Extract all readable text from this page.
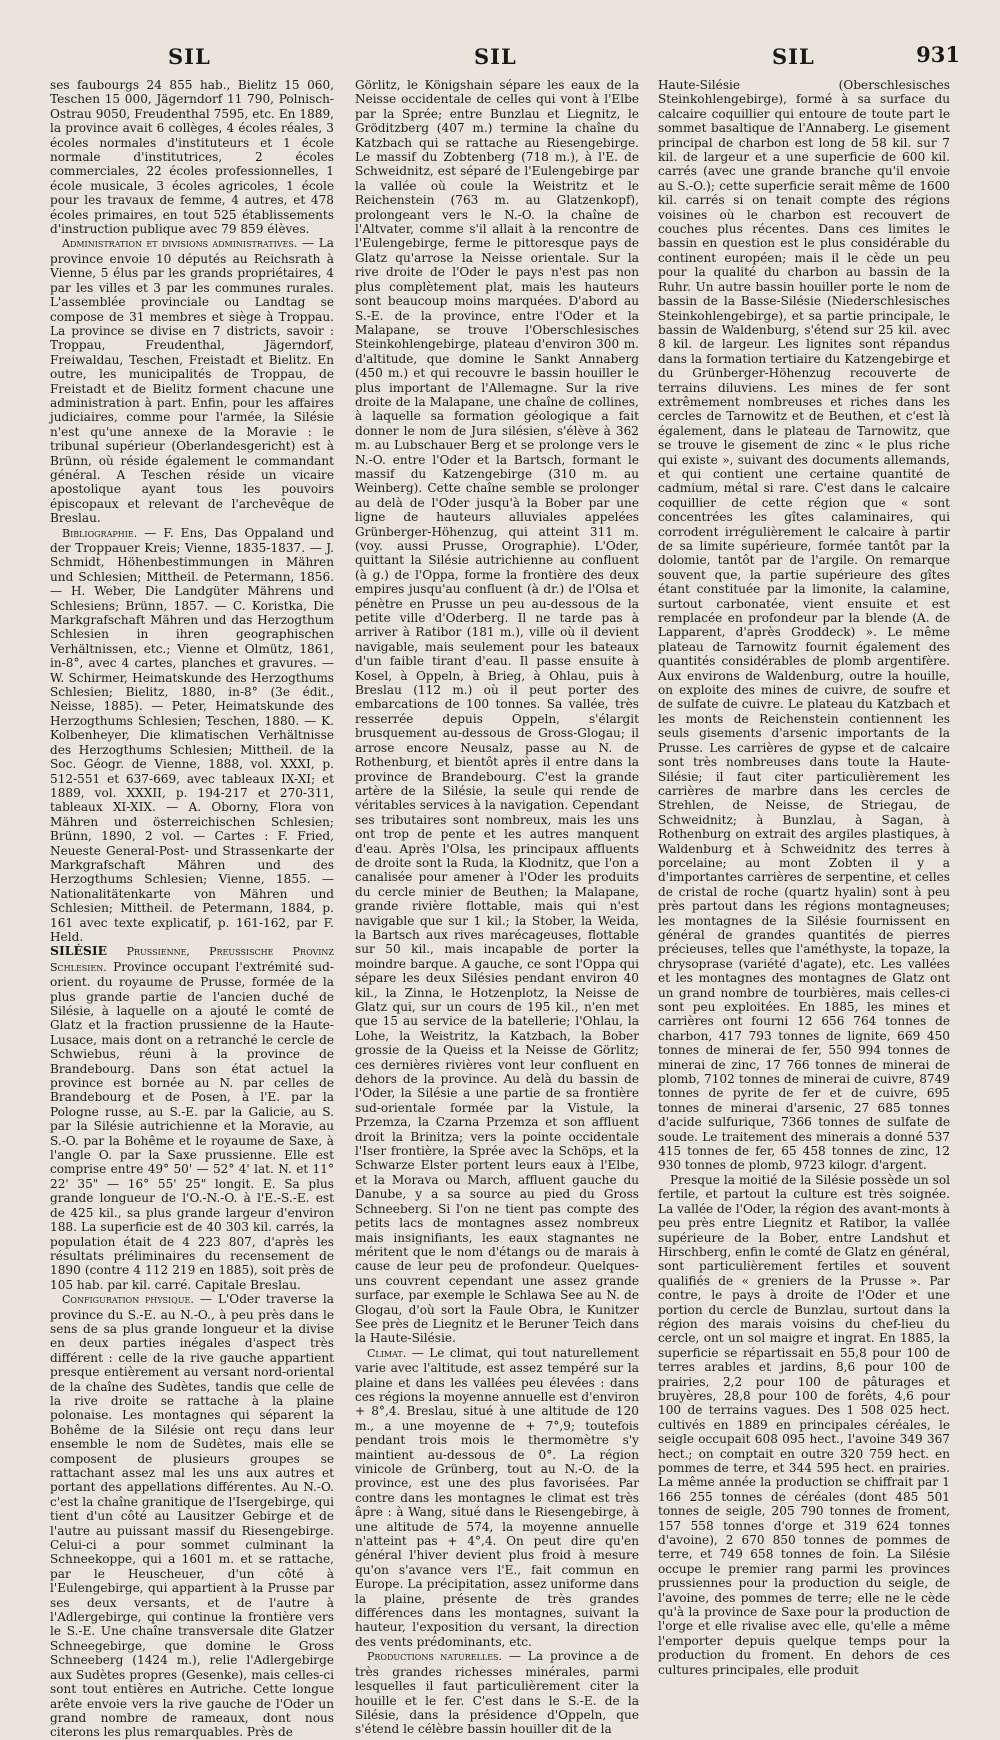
SIL	SIL	SIL	931

ses faubourgs 24 855 hab., Bielitz 15 060, Teschen 15 000, Jägerndorf 11 790, Polnisch-Ostrau 9050, Freudenthal 7595, etc. En 1889, la province avait 6 collèges, 4 écoles réales, 3 écoles normales d'instituteurs et 1 école normale d'institutrices, 2 écoles commerciales, 22 écoles professionnelles, 1 école musicale, 3 écoles agricoles, 1 école pour les travaux de femme, 4 autres, et 478 écoles primaires, en tout 525 établissements d'instruction publique avec 79 859 élèves.

Administration et divisions administratives. — La province envoie 10 députés au Reichsrath à Vienne, 5 élus par les grands propriétaires, 4 par les villes et 3 par les communes rurales. L'assemblée provinciale ou Landtag se compose de 31 membres et siège à Troppau. La province se divise en 7 districts, savoir : Troppau, Freudenthal, Jägerndorf, Freiwaldau, Teschen, Freistadt et Bielitz. En outre, les municipalités de Troppau, de Freistadt et de Bielitz forment chacune une administration à part. Enfin, pour les affaires judiciaires, comme pour l'armée, la Silésie n'est qu'une annexe de la Moravie : le tribunal supérieur (Oberlandesgericht) est à Brünn, où réside également le commandant général. A Teschen réside un vicaire apostolique ayant tous les pouvoirs épiscopaux et relevant de l'archevêque de Breslau.

Bibliographie. — F. Ens, Das Oppaland und der Troppauer Kreis; Vienne, 1835-1837. — J. Schmidt, Höhenbestimmungen in Mähren und Schlesien; Mittheil. de Petermann, 1856. — H. Weber, Die Landgüter Mährens und Schlesiens; Brünn, 1857. — C. Koristka, Die Markgrafschaft Mähren und das Herzogthum Schlesien in ihren geographischen Verhältnissen, etc.; Vienne et Olmütz, 1861, in-8°, avec 4 cartes, planches et gravures. — W. Schirmer, Heimatskunde des Herzogthums Schlesien; Bielitz, 1880, in-8° (3e édit., Neisse, 1885). — Peter, Heimatskunde des Herzogthums Schlesien; Teschen, 1880. — K. Kolbenheyer, Die klimatischen Verhältnisse des Herzogthums Schlesien; Mittheil. de la Soc. Géogr. de Vienne, 1888, vol. XXXI, p. 512-551 et 637-669, avec tableaux IX-XI; et 1889, vol. XXXII, p. 194-217 et 270-311, tableaux XI-XIX. — A. Oborny, Flora von Mähren und österreichischen Schlesien; Brünn, 1890, 2 vol. — Cartes : F. Fried, Neueste General-Post- und Strassenkarte der Markgrafschaft Mähren und des Herzogthums Schlesien; Vienne, 1855. — Nationalitätenkarte von Mähren und Schlesien; Mittheil. de Petermann, 1884, p. 161 avec texte explicatif, p. 161-162, par F. Held.

SILÉSIE Prussienne, Preussische Provinz Schlesien. Province occupant l'extrémité sud-orient. du royaume de Prusse, formée de la plus grande partie de l'ancien duché de Silésie, à laquelle on a ajouté le comté de Glatz et la fraction prussienne de la Haute-Lusace, mais dont on a retranché le cercle de Schwiebus, réuni à la province de Brandebourg. Dans son état actuel la province est bornée au N. par celles de Brandebourg et de Posen, à l'E. par la Pologne russe, au S.-E. par la Galicie, au S. par la Silésie autrichienne et la Moravie, au S.-O. par la Bohême et le royaume de Saxe, à l'angle O. par la Saxe prussienne. Elle est comprise entre 49° 50' — 52° 4' lat. N. et 11° 22' 35" — 16° 55' 25" longit. E. Sa plus grande longueur de l'O.-N.-O. à l'E.-S.-E. est de 425 kil., sa plus grande largeur d'environ 188. La superficie est de 40 303 kil. carrés, la population était de 4 223 807, d'après les résultats préliminaires du recensement de 1890 (contre 4 112 219 en 1885), soit près de 105 hab. par kil. carré. Capitale Breslau.

Configuration physique. — L'Oder traverse la province du S.-E. au N.-O., à peu près dans le sens de sa plus grande longueur et la divise en deux parties inégales d'aspect très différent : celle de la rive gauche appartient presque entièrement au versant nord-oriental de la chaîne des Sudètes, tandis que celle de la rive droite se rattache à la plaine polonaise. Les montagnes qui séparent la Bohême de la Silésie ont reçu dans leur ensemble le nom de Sudètes, mais elle se composent de plusieurs groupes se rattachant assez mal les uns aux autres et portant des appellations différentes. Au N.-O. c'est la chaîne granitique de l'Isergebirge, qui tient d'un côté au Lausitzer Gebirge et de l'autre au puissant massif du Riesengebirge. Celui-ci a pour sommet culminant la Schneekoppe, qui a 1601 m. et se rattache, par le Heuscheuer, d'un côté à l'Eulengebirge, qui appartient à la Prusse par ses deux versants, et de l'autre à l'Adlergebirge, qui continue la frontière vers le S.-E. Une chaîne transversale dite Glatzer Schneegebirge, que domine le Gross Schneeberg (1424 m.), relie l'Adlergebirge aux Sudètes propres (Gesenke), mais celles-ci sont tout entières en Autriche. Cette longue arête envoie vers la rive gauche de l'Oder un grand nombre de rameaux, dont nous citerons les plus remarquables. Près de

Görlitz, le Königshain sépare les eaux de la Neisse occidentale de celles qui vont à l'Elbe par la Sprée; entre Bunzlau et Liegnitz, le Gröditzberg (407 m.) termine la chaîne du Katzbach qui se rattache au Riesengebirge. Le massif du Zobtenberg (718 m.), à l'E. de Schweidnitz, est séparé de l'Eulengebirge par la vallée où coule la Weistritz et le Reichenstein (763 m. au Glatzenkopf), prolongeant vers le N.-O. la chaîne de l'Altvater, comme s'il allait à la rencontre de l'Eulengebirge, ferme le pittoresque pays de Glatz qu'arrose la Neisse orientale. Sur la rive droite de l'Oder le pays n'est pas non plus complètement plat, mais les hauteurs sont beaucoup moins marquées. D'abord au S.-E. de la province, entre l'Oder et la Malapane, se trouve l'Oberschlesisches Steinkohlengebirge, plateau d'environ 300 m. d'altitude, que domine le Sankt Annaberg (450 m.) et qui recouvre le bassin houiller le plus important de l'Allemagne. Sur la rive droite de la Malapane, une chaîne de collines, à laquelle sa formation géologique a fait donner le nom de Jura silésien, s'élève à 362 m. au Lubschauer Berg et se prolonge vers le N.-O. entre l'Oder et la Bartsch, formant le massif du Katzengebirge (310 m. au Weinberg). Cette chaîne semble se prolonger au delà de l'Oder jusqu'à la Bober par une ligne de hauteurs alluviales appelées Grünberger-Höhenzug, qui atteint 311 m. (voy. aussi Prusse, Orographie). L'Oder, quittant la Silésie autrichienne au confluent (à g.) de l'Oppa, forme la frontière des deux empires jusqu'au confluent (à dr.) de l'Olsa et pénètre en Prusse un peu au-dessous de la petite ville d'Oderberg. Il ne tarde pas à arriver à Ratibor (181 m.), ville où il devient navigable, mais seulement pour les bateaux d'un faible tirant d'eau. Il passe ensuite à Kosel, à Oppeln, à Brieg, à Ohlau, puis à Breslau (112 m.) où il peut porter des embarcations de 100 tonnes. Sa vallée, très resserrée depuis Oppeln, s'élargit brusquement au-dessous de Gross-Glogau; il arrose encore Neusalz, passe au N. de Rothenburg, et bientôt après il entre dans la province de Brandebourg. C'est la grande artère de la Silésie, la seule qui rende de véritables services à la navigation. Cependant ses tributaires sont nombreux, mais les uns ont trop de pente et les autres manquent d'eau. Après l'Olsa, les principaux affluents de droite sont la Ruda, la Klodnitz, que l'on a canalisée pour amener à l'Oder les produits du cercle minier de Beuthen; la Malapane, grande rivière flottable, mais qui n'est navigable que sur 1 kil.; la Stober, la Weida, la Bartsch aux rives marécageuses, flottable sur 50 kil., mais incapable de porter la moindre barque. A gauche, ce sont l'Oppa qui sépare les deux Silésies pendant environ 40 kil., la Zinna, le Hotzenplotz, la Neisse de Glatz qui, sur un cours de 195 kil., n'en met que 15 au service de la batellerie; l'Ohlau, la Lohe, la Weistritz, la Katzbach, la Bober grossie de la Queiss et la Neisse de Görlitz; ces dernières rivières vont leur confluent en dehors de la province. Au delà du bassin de l'Oder, la Silésie a une partie de sa frontière sud-orientale formée par la Vistule, la Przemza, la Czarna Przemza et son affluent droit la Brinitza; vers la pointe occidentale l'Iser frontière, la Sprée avec la Schöps, et la Schwarze Elster portent leurs eaux à l'Elbe, et la Morava ou March, affluent gauche du Danube, y a sa source au pied du Gross Schneeberg. Si l'on ne tient pas compte des petits lacs de montagnes assez nombreux mais insignifiants, les eaux stagnantes ne méritent que le nom d'étangs ou de marais à cause de leur peu de profondeur. Quelques-uns couvrent cependant une assez grande surface, par exemple le Schlawa See au N. de Glogau, d'où sort la Faule Obra, le Kunitzer See près de Liegnitz et le Beruner Teich dans la Haute-Silésie.

Climat. — Le climat, qui tout naturellement varie avec l'altitude, est assez tempéré sur la plaine et dans les vallées peu élevées : dans ces régions la moyenne annuelle est d'environ + 8°,4. Breslau, situé à une altitude de 120 m., a une moyenne de + 7°,9; toutefois pendant trois mois le thermomètre s'y maintient au-dessous de 0°. La région vinicole de Grünberg, tout au N.-O. de la province, est une des plus favorisées. Par contre dans les montagnes le climat est très âpre : à Wang, situé dans le Riesengebirge, à une altitude de 574, la moyenne annuelle n'atteint pas + 4°,4. On peut dire qu'en général l'hiver devient plus froid à mesure qu'on s'avance vers l'E., fait commun en Europe. La précipitation, assez uniforme dans la plaine, présente de très grandes différences dans les montagnes, suivant la hauteur, l'exposition du versant, la direction des vents prédominants, etc.

Productions naturelles. — La province a de très grandes richesses minérales, parmi lesquelles il faut particulièrement citer la houille et le fer. C'est dans le S.-E. de la Silésie, dans la présidence d'Oppeln, que s'étend le célèbre bassin houiller dit de la

Haute-Silésie (Oberschlesisches Steinkohlengebirge), formé à sa surface du calcaire coquillier qui entoure de toute part le sommet basaltique de l'Annaberg. Le gisement principal de charbon est long de 58 kil. sur 7 kil. de largeur et a une superficie de 600 kil. carrés (avec une grande branche qu'il envoie au S.-O.); cette superficie serait même de 1600 kil. carrés si on tenait compte des régions voisines où le charbon est recouvert de couches plus récentes. Dans ces limites le bassin en question est le plus considérable du continent européen; mais il le cède un peu pour la qualité du charbon au bassin de la Ruhr. Un autre bassin houiller porte le nom de bassin de la Basse-Silésie (Niederschlesisches Steinkohlengebirge), et sa partie principale, le bassin de Waldenburg, s'étend sur 25 kil. avec 8 kil. de largeur. Les lignites sont répandus dans la formation tertiaire du Katzengebirge et du Grünberger-Höhenzug recouverte de terrains diluviens. Les mines de fer sont extrêmement nombreuses et riches dans les cercles de Tarnowitz et de Beuthen, et c'est là également, dans le plateau de Tarnowitz, que se trouve le gisement de zinc « le plus riche qui existe », suivant des documents allemands, et qui contient une certaine quantité de cadmium, métal si rare. C'est dans le calcaire coquillier de cette région que « sont concentrées les gîtes calaminaires, qui corrodent irrégulièrement le calcaire à partir de sa limite supérieure, formée tantôt par la dolomie, tantôt par de l'argile. On remarque souvent que, la partie supérieure des gîtes étant constituée par la limonite, la calamine, surtout carbonatée, vient ensuite et est remplacée en profondeur par la blende (A. de Lapparent, d'après Groddeck) ». Le même plateau de Tarnowitz fournit également des quantités considérables de plomb argentifère. Aux environs de Waldenburg, outre la houille, on exploite des mines de cuivre, de soufre et de sulfate de cuivre. Le plateau du Katzbach et les monts de Reichenstein contiennent les seuls gisements d'arsenic importants de la Prusse. Les carrières de gypse et de calcaire sont très nombreuses dans toute la Haute-Silésie; il faut citer particulièrement les carrières de marbre dans les cercles de Strehlen, de Neisse, de Striegau, de Schweidnitz; à Bunzlau, à Sagan, à Rothenburg on extrait des argiles plastiques, à Waldenburg et à Schweidnitz des terres à porcelaine; au mont Zobten il y a d'importantes carrières de serpentine, et celles de cristal de roche (quartz hyalin) sont à peu près partout dans les régions montagneuses; les montagnes de la Silésie fournissent en général de grandes quantités de pierres précieuses, telles que l'améthyste, la topaze, la chrysoprase (variété d'agate), etc. Les vallées et les montagnes des montagnes de Glatz ont un grand nombre de tourbières, mais celles-ci sont peu exploitées. En 1885, les mines et carrières ont fourni 12 656 764 tonnes de charbon, 417 793 tonnes de lignite, 669 450 tonnes de minerai de fer, 550 994 tonnes de minerai de zinc, 17 766 tonnes de minerai de plomb, 7102 tonnes de minerai de cuivre, 8749 tonnes de pyrite de fer et de cuivre, 695 tonnes de minerai d'arsenic, 27 685 tonnes d'acide sulfurique, 7366 tonnes de sulfate de soude. Le traitement des minerais a donné 537 415 tonnes de fer, 65 458 tonnes de zinc, 12 930 tonnes de plomb, 9723 kilogr. d'argent.

Presque la moitié de la Silésie possède un sol fertile, et partout la culture est très soignée. La vallée de l'Oder, la région des avant-monts à peu près entre Liegnitz et Ratibor, la vallée supérieure de la Bober, entre Landshut et Hirschberg, enfin le comté de Glatz en général, sont particulièrement fertiles et souvent qualifiés de « greniers de la Prusse ». Par contre, le pays à droite de l'Oder et une portion du cercle de Bunzlau, surtout dans la région des marais voisins du chef-lieu du cercle, ont un sol maigre et ingrat. En 1885, la superficie se répartissait en 55,8 pour 100 de terres arables et jardins, 8,6 pour 100 de prairies, 2,2 pour 100 de pâturages et bruyères, 28,8 pour 100 de forêts, 4,6 pour 100 de terrains vagues. Des 1 508 025 hect. cultivés en 1889 en principales céréales, le seigle occupait 608 095 hect., l'avoine 349 367 hect.; on comptait en outre 320 759 hect. en pommes de terre, et 344 595 hect. en prairies. La même année la production se chiffrait par 1 166 255 tonnes de céréales (dont 485 501 tonnes de seigle, 205 790 tonnes de froment, 157 558 tonnes d'orge et 319 624 tonnes d'avoine), 2 670 850 tonnes de pommes de terre, et 749 658 tonnes de foin. La Silésie occupe le premier rang parmi les provinces prussiennes pour la production du seigle, de l'avoine, des pommes de terre; elle ne le cède qu'à la province de Saxe pour la production de l'orge et elle rivalise avec elle, qu'elle a même l'emporter depuis quelque temps pour la production du froment. En dehors de ces cultures principales, elle produit
